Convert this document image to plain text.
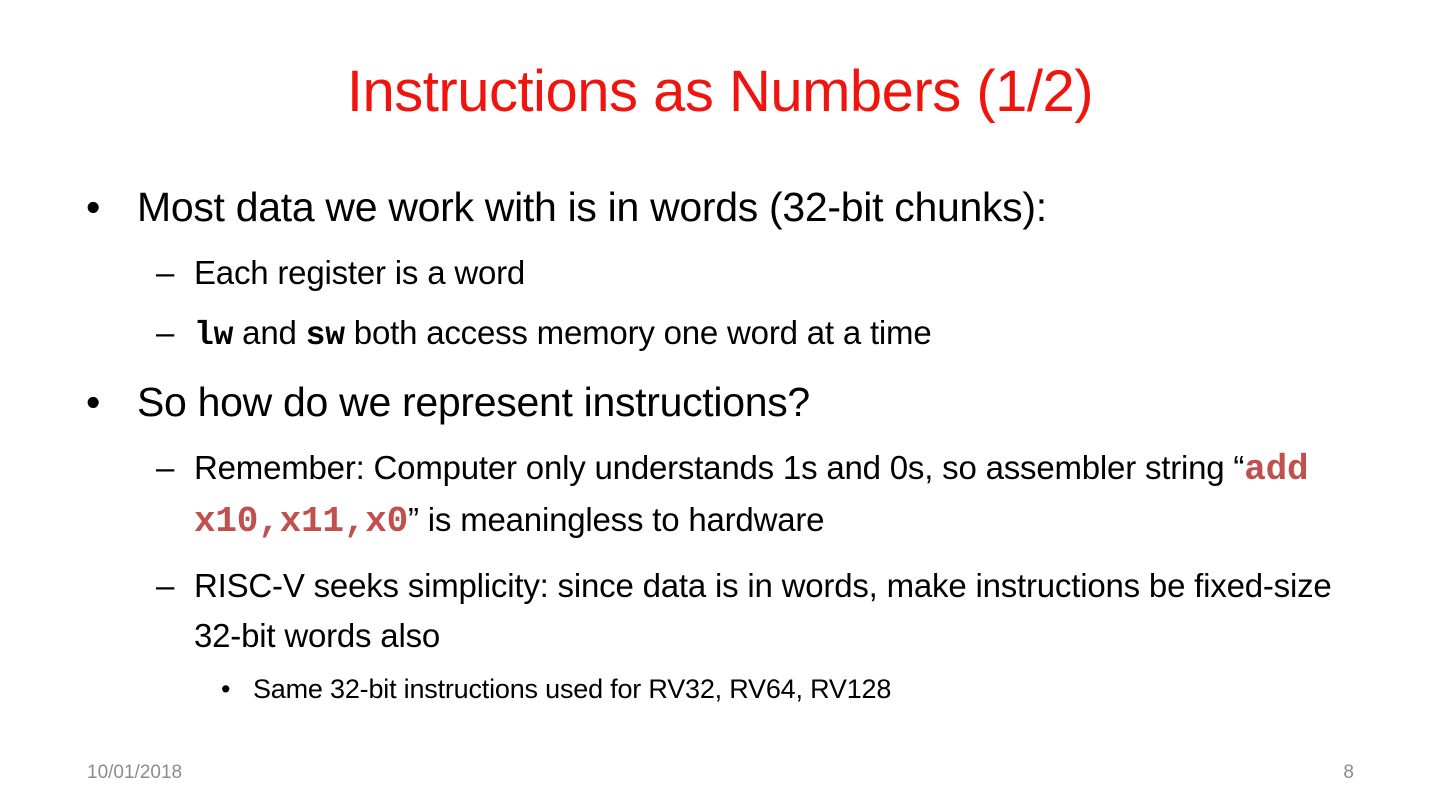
Instructions as Numbers (1/2)
• Most data we work with is in words (32-bit chunks):
– Each register is a word
– lw and sw both access memory one word at a time
• So how do we represent instructions?
– Remember: Computer only understands 1s and 0s, so assembler string “add x10,x11,x0” is meaningless to hardware
– RISC-V seeks simplicity: since data is in words, make instructions be fixed-size 32-bit words also
• Same 32-bit instructions used for RV32, RV64, RV128
10/01/2018	8
